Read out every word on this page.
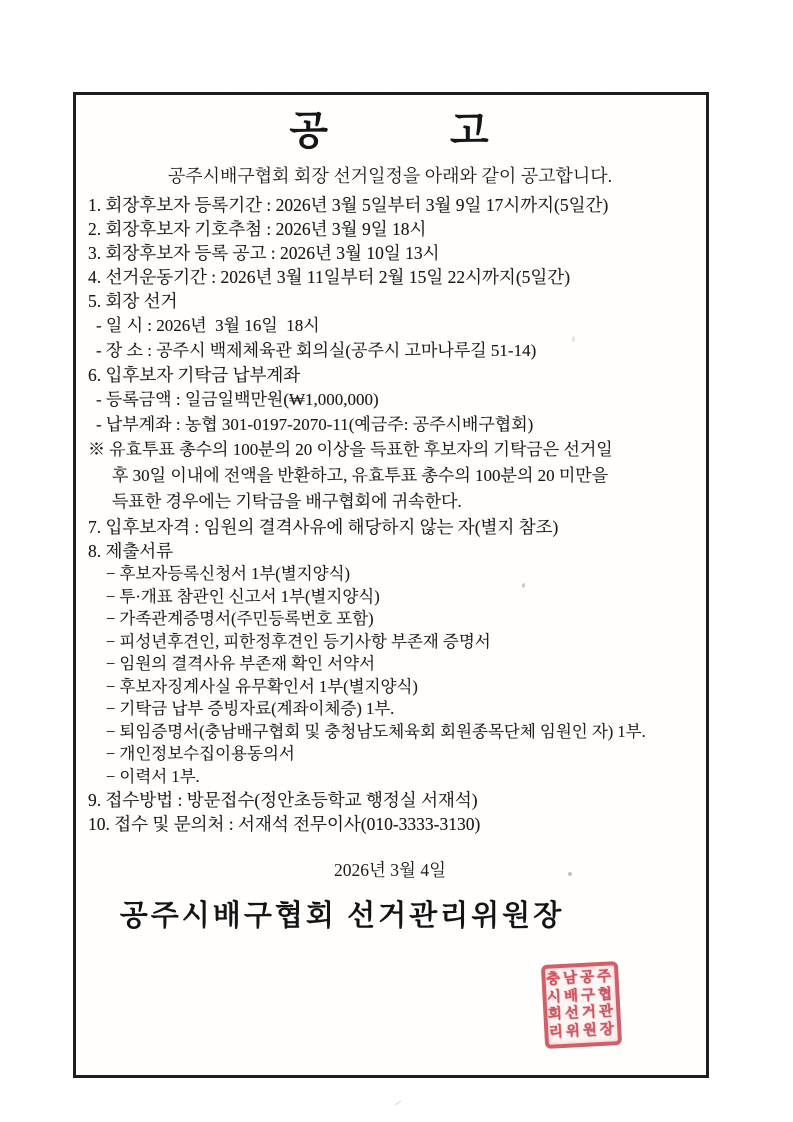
공          고

공주시배구협회 회장 선거일정을 아래와 같이 공고합니다.

1. 회장후보자 등록기간 : 2026년 3월 5일부터 3월 9일 17시까지(5일간)

2. 회장후보자 기호추첨 : 2026년 3월 9일 18시

3. 회장후보자 등록 공고 : 2026년 3월 10일 13시

4. 선거운동기간 : 2026년 3월 11일부터 2월 15일 22시까지(5일간)

5. 회장 선거

- 일 시 : 2026년  3월 16일  18시

- 장 소 : 공주시 백제체육관 회의실(공주시 고마나루길 51-14)

6. 입후보자 기탁금 납부계좌

- 등록금액 : 일금일백만원(₩1,000,000)

- 납부계좌 : 농협 301-0197-2070-11(예금주: 공주시배구협회)

※ 유효투표 총수의 100분의 20 이상을 득표한 후보자의 기탁금은 선거일

후 30일 이내에 전액을 반환하고, 유효투표 총수의 100분의 20 미만을

득표한 경우에는 기탁금을 배구협회에 귀속한다.

7. 입후보자격 : 임원의 결격사유에 해당하지 않는 자(별지 참조)

8. 제출서류

− 후보자등록신청서 1부(별지양식)

− 투·개표 참관인 신고서 1부(별지양식)

− 가족관계증명서(주민등록번호 포함)

− 피성년후견인, 피한정후견인 등기사항 부존재 증명서

− 임원의 결격사유 부존재 확인 서약서

− 후보자징계사실 유무확인서 1부(별지양식)

− 기탁금 납부 증빙자료(계좌이체증) 1부.

− 퇴임증명서(충남배구협회 및 충청남도체육회 회원종목단체 임원인 자) 1부.

− 개인정보수집이용동의서

− 이력서 1부.

9. 접수방법 : 방문접수(정안초등학교 행정실 서재석)

10. 접수 및 문의처 : 서재석 전무이사(010-3333-3130)

2026년 3월 4일

공주시배구협회 선거관리위원장
충남공주
시배구협
회선거관
리위원장
